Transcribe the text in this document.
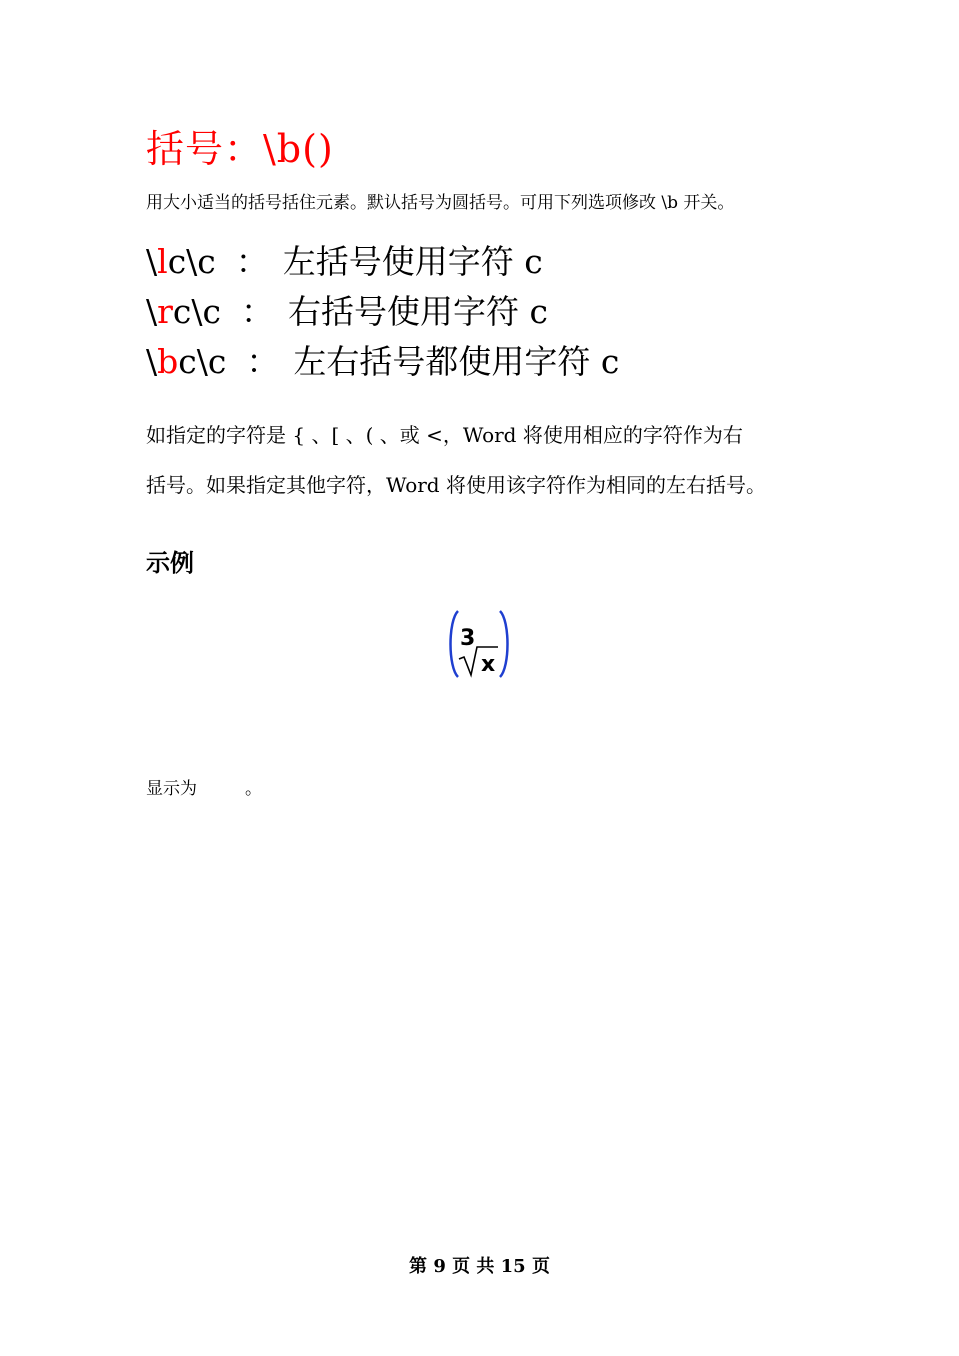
括号：\b()
用大小适当的括号括住元素。默认括号为圆括号。可用下列选项修改 \b 开关。
\lc\c ： 左括号使用字符 c
\rc\c ： 右括号使用字符 c
\bc\c ： 左右括号都使用字符 c
如指定的字符是 { 、[ 、( 、或 <，Word 将使用相应的字符作为右
括号。如果指定其他字符，Word 将使用该字符作为相同的左右括号。
示例
3
x
显示为	。
第 9 页 共 15 页
